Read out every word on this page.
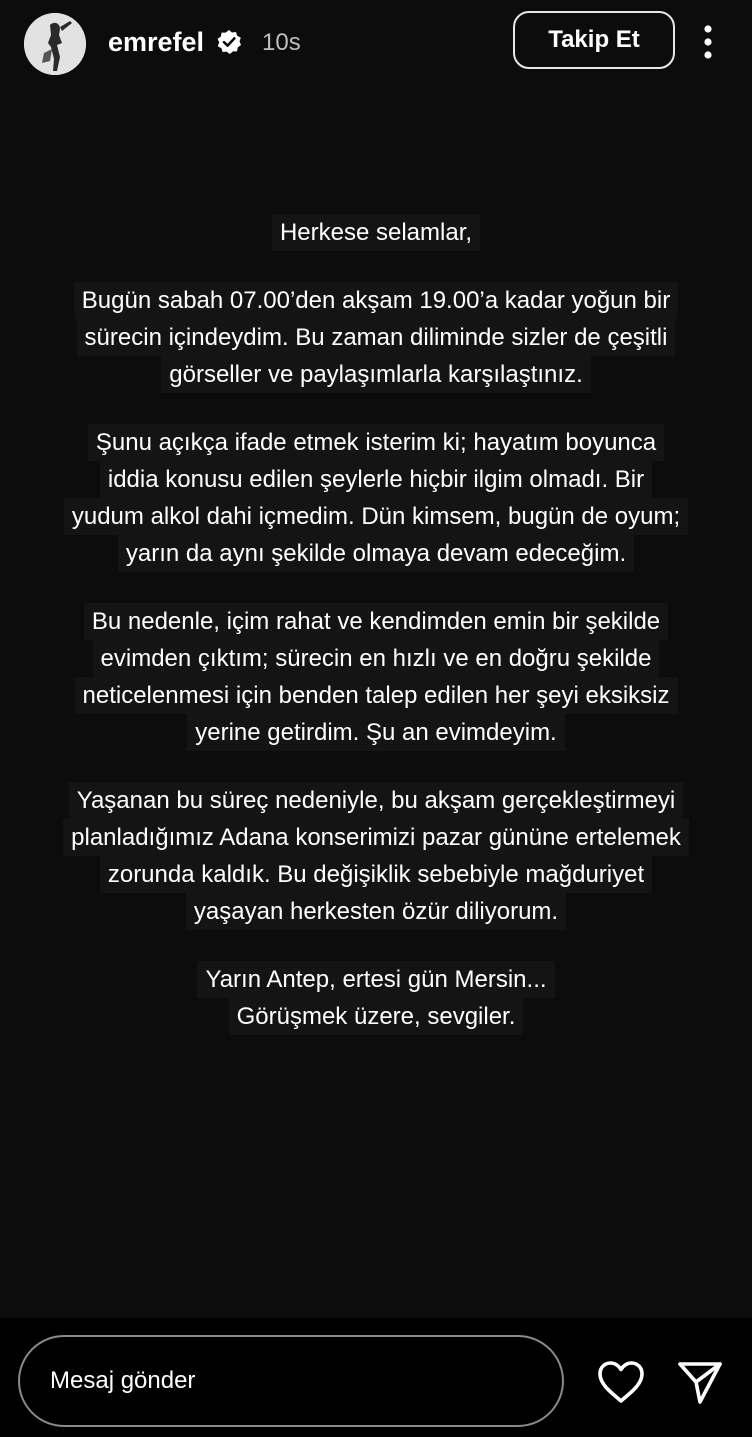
emrefel 10s	Takip Et
Herkese selamlar,
Bugün sabah 07.00’den akşam 19.00’a kadar yoğun bir
sürecin içindeydim. Bu zaman diliminde sizler de çeşitli
görseller ve paylaşımlarla karşılaştınız.
Şunu açıkça ifade etmek isterim ki; hayatım boyunca
iddia konusu edilen şeylerle hiçbir ilgim olmadı. Bir
yudum alkol dahi içmedim. Dün kimsem, bugün de oyum;
yarın da aynı şekilde olmaya devam edeceğim.
Bu nedenle, içim rahat ve kendimden emin bir şekilde
evimden çıktım; sürecin en hızlı ve en doğru şekilde
neticelenmesi için benden talep edilen her şeyi eksiksiz
yerine getirdim. Şu an evimdeyim.
Yaşanan bu süreç nedeniyle, bu akşam gerçekleştirmeyi
planladığımız Adana konserimizi pazar gününe ertelemek
zorunda kaldık. Bu değişiklik sebebiyle mağduriyet
yaşayan herkesten özür diliyorum.
Yarın Antep, ertesi gün Mersin...
Görüşmek üzere, sevgiler.
Mesaj gönder
